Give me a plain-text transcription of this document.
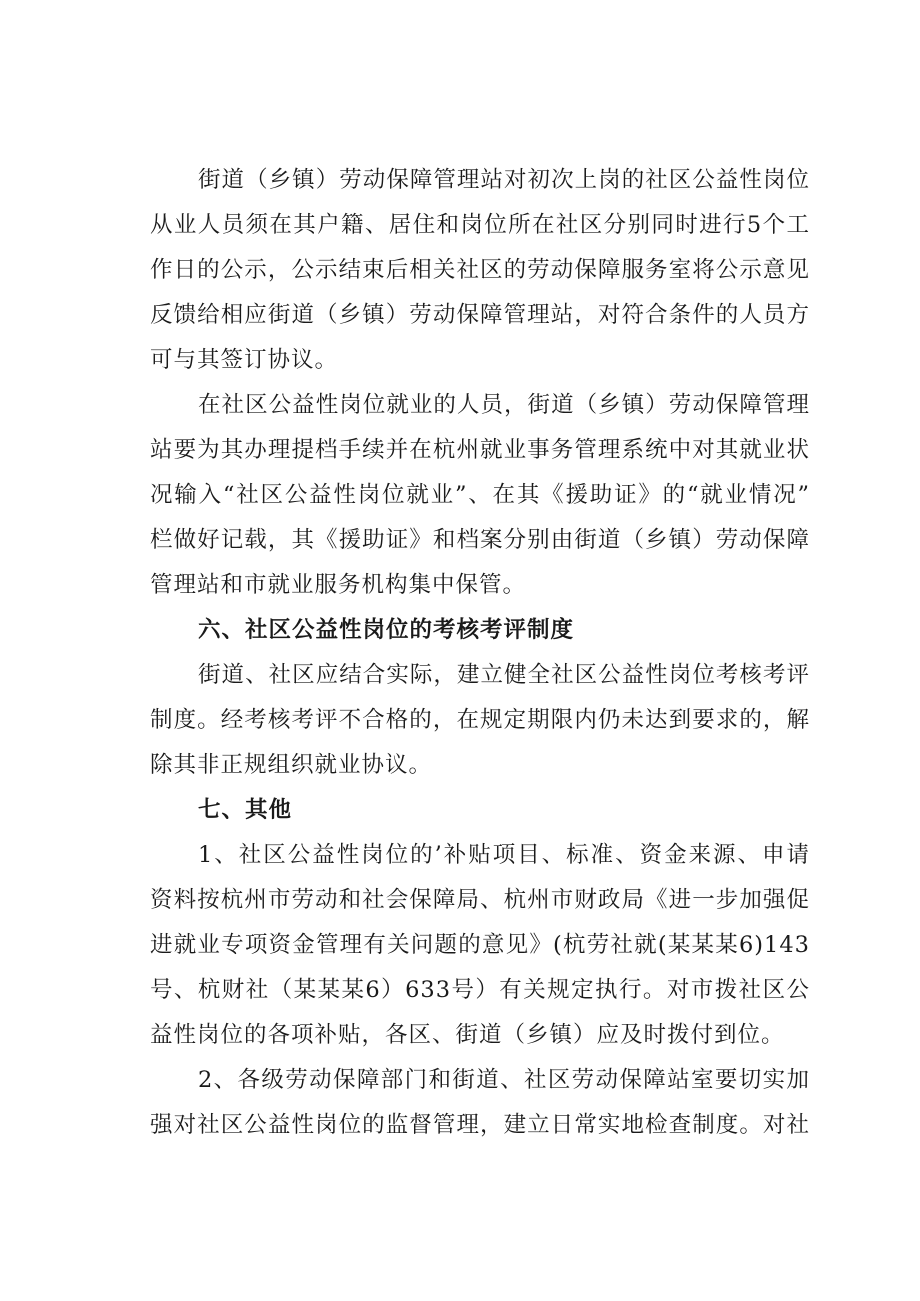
街道（乡镇）劳动保障管理站对初次上岗的社区公益性岗位
从业人员须在其户籍、居住和岗位所在社区分别同时进行5个工
作日的公示，公示结束后相关社区的劳动保障服务室将公示意见
反馈给相应街道（乡镇）劳动保障管理站，对符合条件的人员方
可与其签订协议。
在社区公益性岗位就业的人员，街道（乡镇）劳动保障管理
站要为其办理提档手续并在杭州就业事务管理系统中对其就业状
况输入“社区公益性岗位就业”、在其《援助证》的“就业情况”
栏做好记载，其《援助证》和档案分别由街道（乡镇）劳动保障
管理站和市就业服务机构集中保管。
六、社区公益性岗位的考核考评制度
街道、社区应结合实际，建立健全社区公益性岗位考核考评
制度。经考核考评不合格的，在规定期限内仍未达到要求的，解
除其非正规组织就业协议。
七、其他
1、社区公益性岗位的’补贴项目、标准、资金来源、申请
资料按杭州市劳动和社会保障局、杭州市财政局《进一步加强促
进就业专项资金管理有关问题的意见》(杭劳社就(某某某6)143
号、杭财社（某某某6）633号）有关规定执行。对市拨社区公
益性岗位的各项补贴，各区、街道（乡镇）应及时拨付到位。
2、各级劳动保障部门和街道、社区劳动保障站室要切实加
强对社区公益性岗位的监督管理，建立日常实地检查制度。对社
